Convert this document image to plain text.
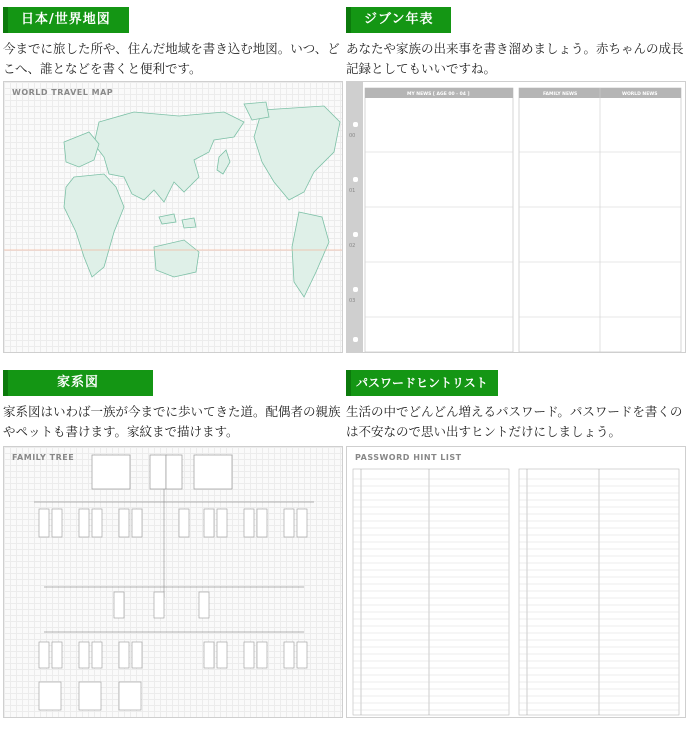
日本/世界地図
今までに旅した所や、住んだ地域を書き込む地図。いつ、どこへ、誰となどを書くと便利です。
WORLD TRAVEL MAP
ジブン年表
あなたや家族の出来事を書き溜めましょう。赤ちゃんの成長記録としてもいいですね。
MY NEWS [ AGE 00 - 04 ]	FAMILY NEWS	WORLD NEWS
00
01
02
03
家系図
家系図はいわば一族が今までに歩いてきた道。配偶者の親族やペットも書けます。家紋まで描けます。
FAMILY TREE
パスワードヒントリスト
生活の中でどんどん増えるパスワード。パスワードを書くのは不安なので思い出すヒントだけにしましょう。
PASSWORD HINT LIST
